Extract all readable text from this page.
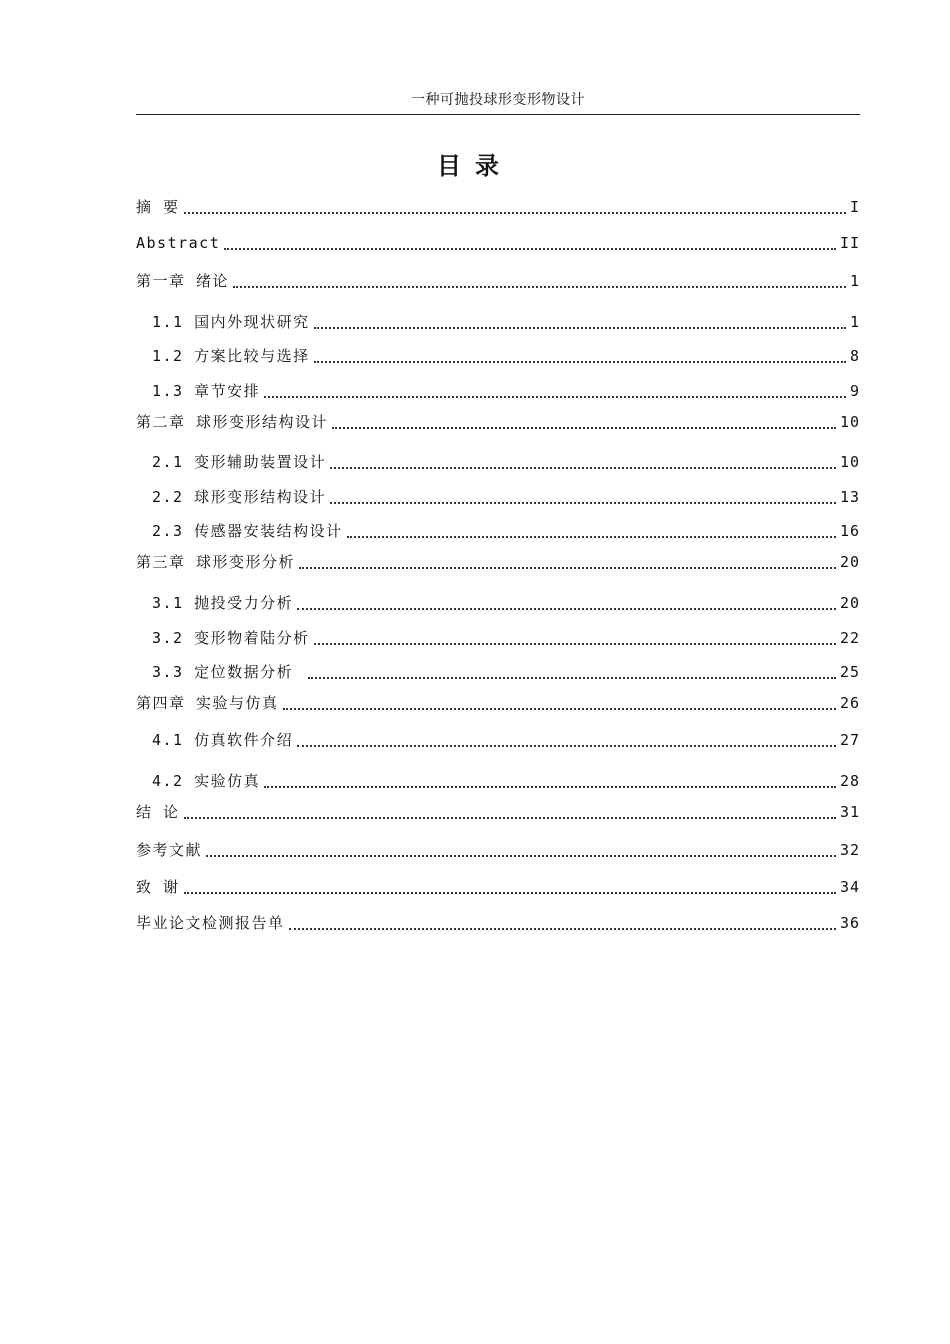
一种可抛投球形变形物设计
目录
摘 要	I
Abstract	II
第一章 绪论	1
1.1 国内外现状研究	1
1.2 方案比较与选择	8
1.3 章节安排	9
第二章 球形变形结构设计	10
2.1 变形辅助装置设计	10
2.2 球形变形结构设计	13
2.3 传感器安装结构设计	16
第三章 球形变形分析	20
3.1 抛投受力分析	20
3.2 变形物着陆分析	22
3.3 定位数据分析	25
第四章 实验与仿真	26
4.1 仿真软件介绍	27
4.2 实验仿真	28
结 论	31
参考文献	32
致 谢	34
毕业论文检测报告单	36
